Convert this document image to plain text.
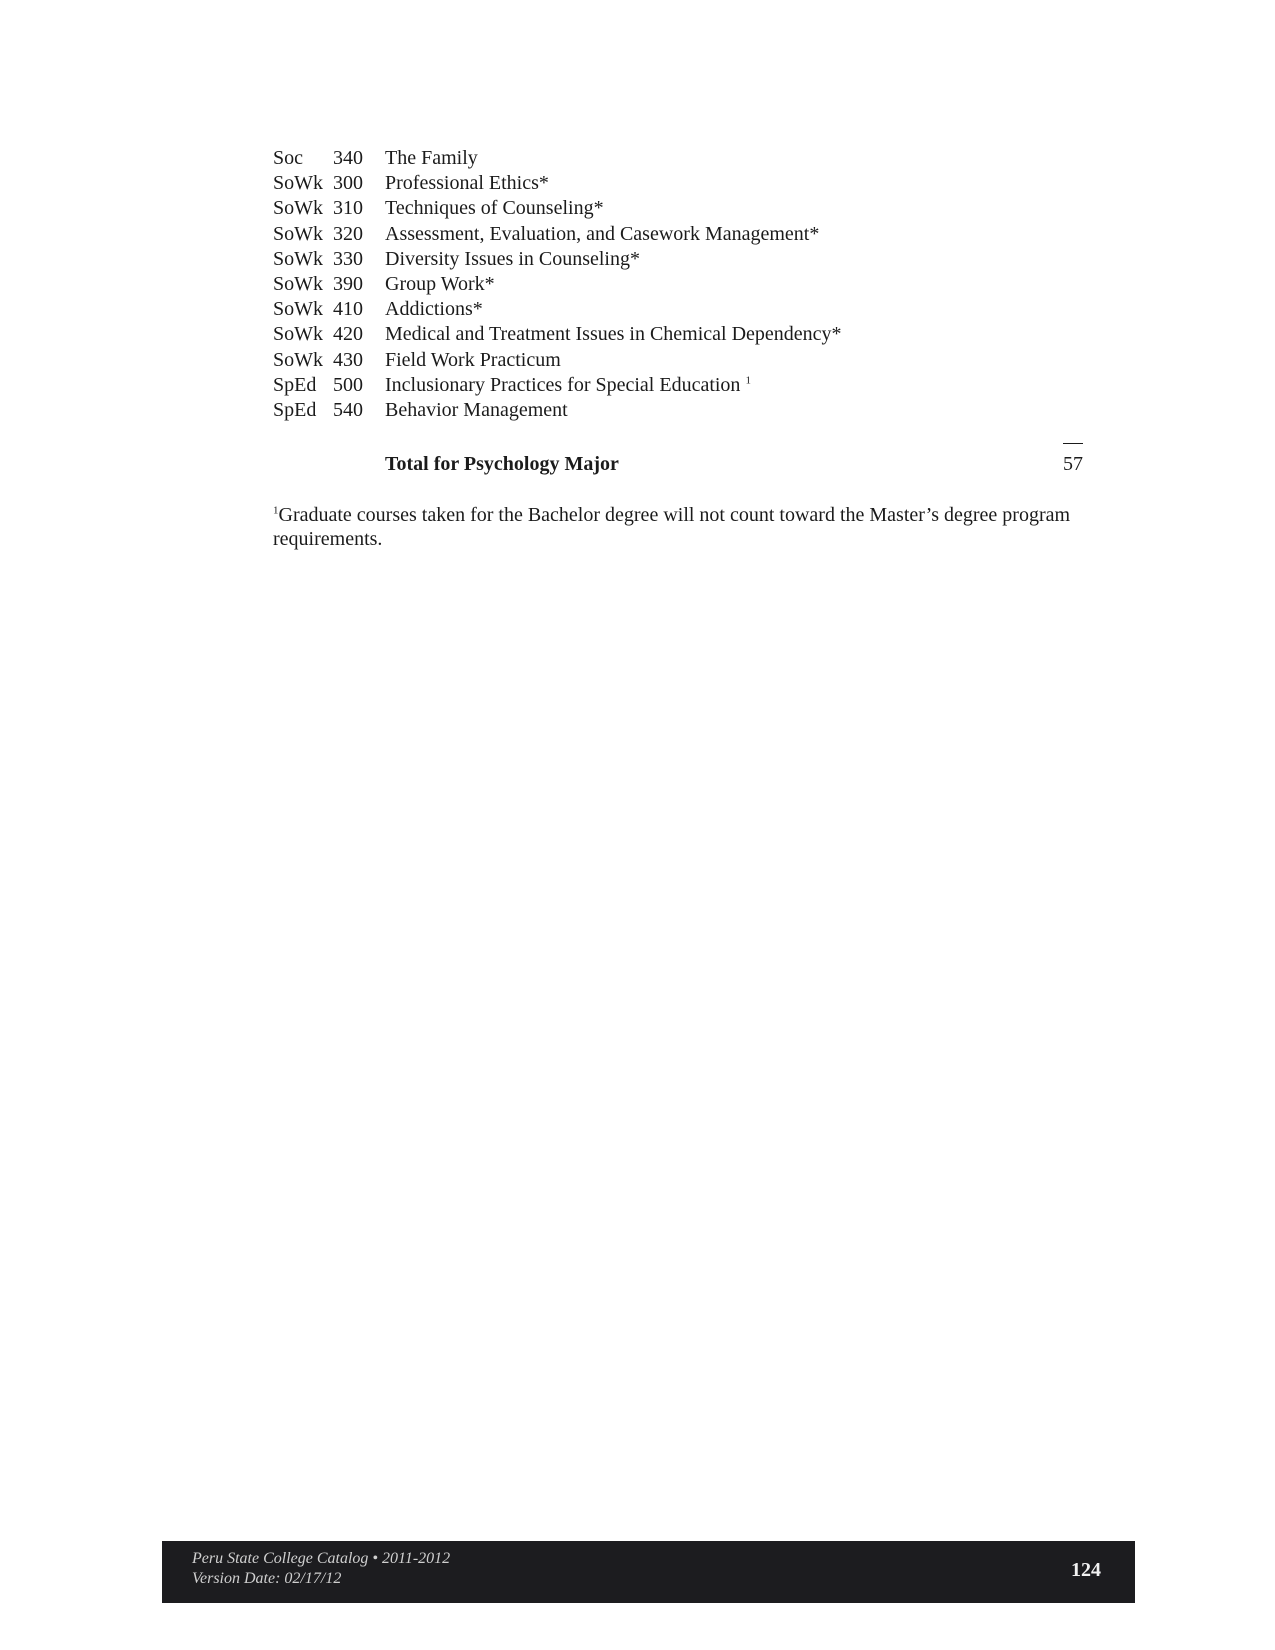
Soc	340	The Family
SoWk 300	Professional Ethics*
SoWk 310	Techniques of Counseling*
SoWk 320	Assessment, Evaluation, and Casework Management*
SoWk 330	Diversity Issues in Counseling*
SoWk 390	Group Work*
SoWk 410	Addictions*
SoWk 420	Medical and Treatment Issues in Chemical Dependency*
SoWk 430	Field Work Practicum
SpEd 500	Inclusionary Practices for Special Education $^1$
SpEd 540	Behavior Management
Total for Psychology Major	57
$^1$Graduate courses taken for the Bachelor degree will not count toward the Master’s degree program requirements.
Peru State College Catalog • 2011-2012
Version Date: 02/17/12	124
